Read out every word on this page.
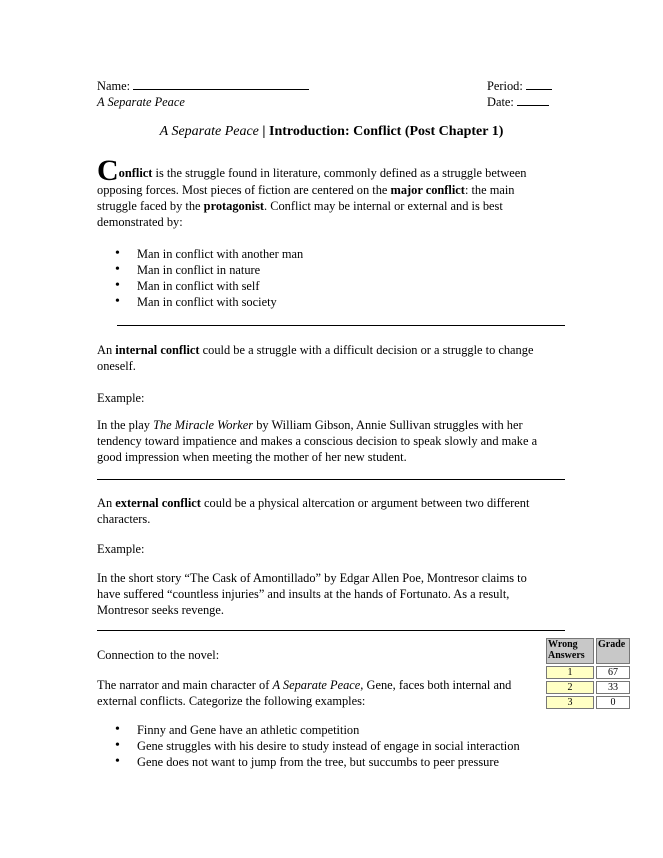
Name:
A Separate Peace
Period:
Date:
A Separate Peace | Introduction: Conflict (Post Chapter 1)
Conflict is the struggle found in literature, commonly defined as a struggle between opposing forces. Most pieces of fiction are centered on the major conflict: the main struggle faced by the protagonist. Conflict may be internal or external and is best demonstrated by:
• Man in conflict with another man
• Man in conflict in nature
• Man in conflict with self
• Man in conflict with society
An internal conflict could be a struggle with a difficult decision or a struggle to change oneself.
Example:
In the play The Miracle Worker by William Gibson, Annie Sullivan struggles with her tendency toward impatience and makes a conscious decision to speak slowly and make a good impression when meeting the mother of her new student.
An external conflict could be a physical altercation or argument between two different characters.
Example:
In the short story “The Cask of Amontillado” by Edgar Allen Poe, Montresor claims to have suffered “countless injuries” and insults at the hands of Fortunato. As a result, Montresor seeks revenge.
Connection to the novel:
The narrator and main character of A Separate Peace, Gene, faces both internal and external conflicts. Categorize the following examples:
• Finny and Gene have an athletic competition
• Gene struggles with his desire to study instead of engage in social interaction
• Gene does not want to jump from the tree, but succumbs to peer pressure
Wrong Answers	Grade
1	67
2	33
3	0
